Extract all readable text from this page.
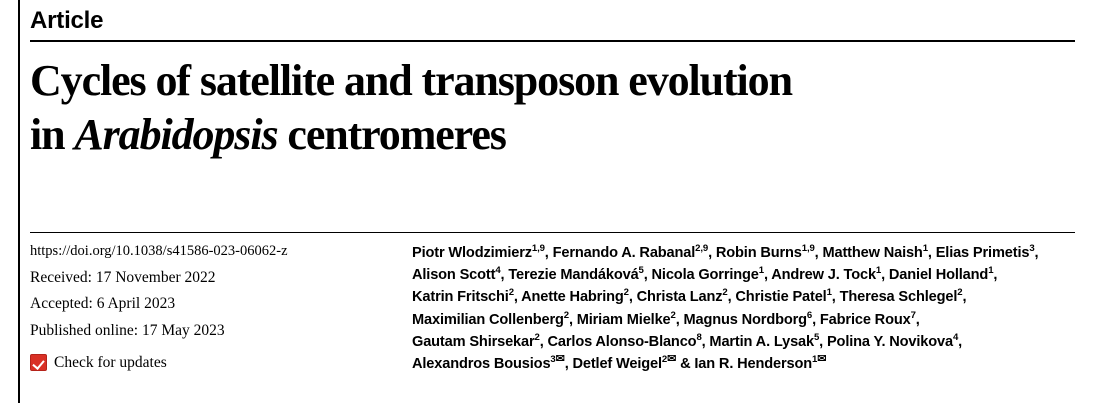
Article
Cycles of satellite and transposon evolution
in Arabidopsis centromeres
https://doi.org/10.1038/s41586-023-06062-z
Received: 17 November 2022
Accepted: 6 April 2023
Published online: 17 May 2023
Check for updates
Piotr Wlodzimierz$^{1,9}$, Fernando A. Rabanal$^{2,9}$, Robin Burns$^{1,9}$, Matthew Naish$^1$, Elias Primetis$^3$,
Alison Scott$^4$, Terezie Mandáková$^5$, Nicola Gorringe$^1$, Andrew J. Tock$^1$, Daniel Holland$^1$,
Katrin Fritschi$^2$, Anette Habring$^2$, Christa Lanz$^2$, Christie Patel$^1$, Theresa Schlegel$^2$,
Maximilian Collenberg$^2$, Miriam Mielke$^2$, Magnus Nordborg$^6$, Fabrice Roux$^7$,
Gautam Shirsekar$^2$, Carlos Alonso-Blanco$^8$, Martin A. Lysak$^5$, Polina Y. Novikova$^4$,
Alexandros Bousios$^{3✉}$, Detlef Weigel$^{2✉}$ & Ian R. Henderson$^{1✉}$
